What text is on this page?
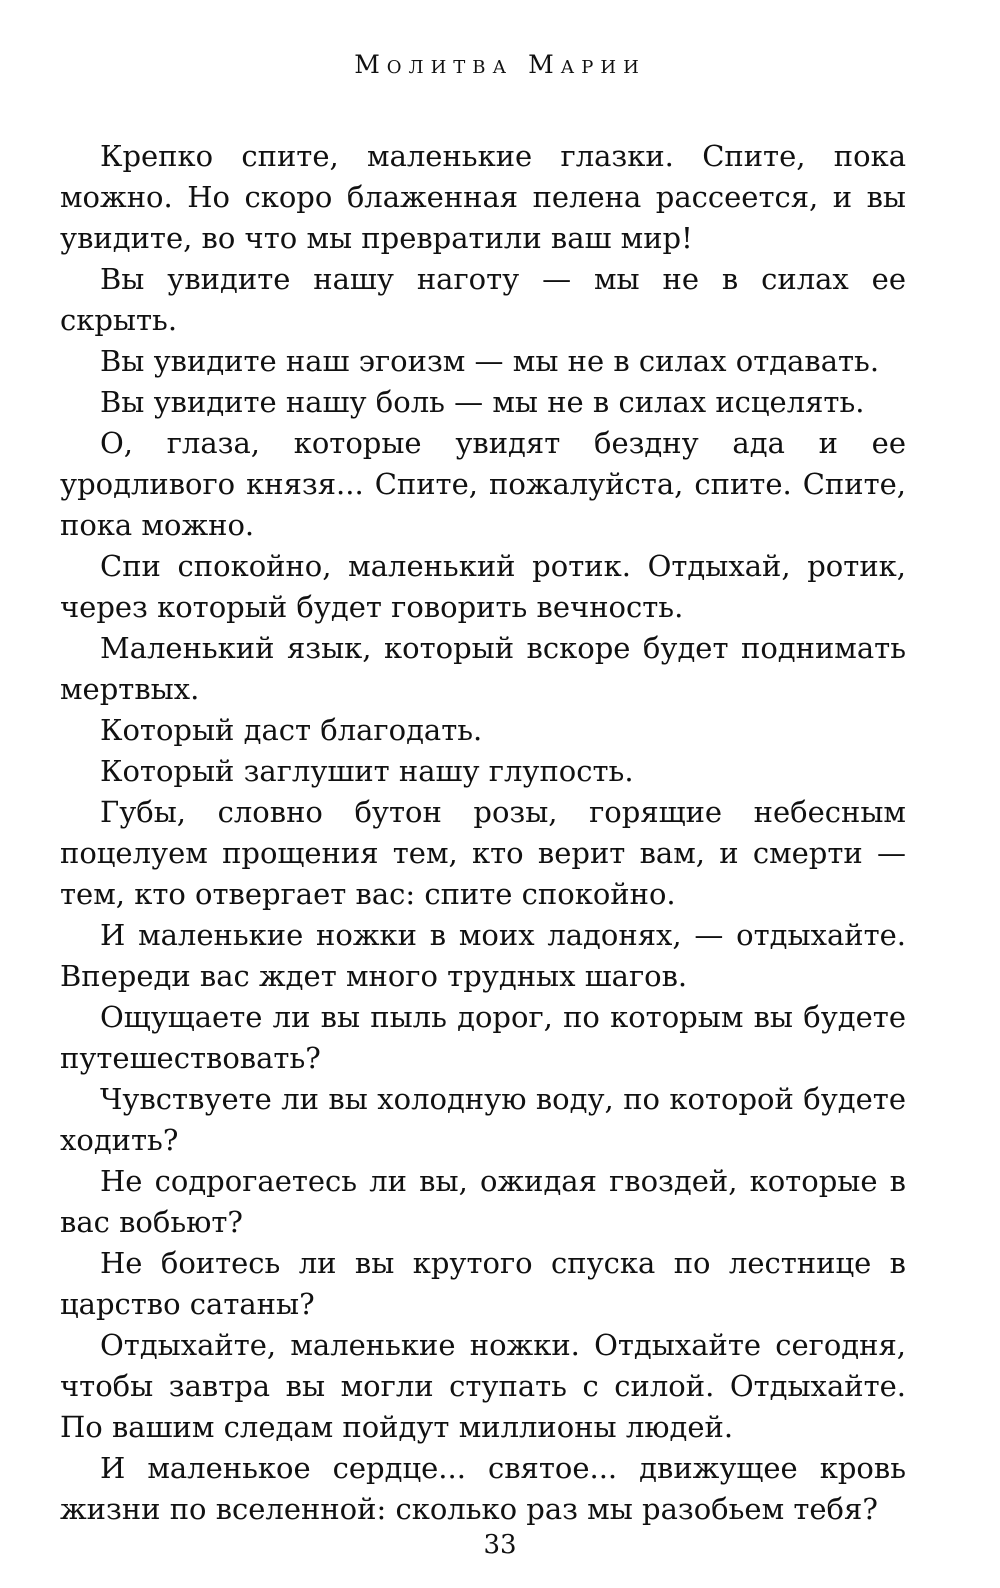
Молитва Марии

Крепко спите, маленькие глазки. Спите, пока можно. Но скоро блаженная пелена рассеется, и вы увидите, во что мы превратили ваш мир!

Вы увидите нашу наготу — мы не в силах ее скрыть.

Вы увидите наш эгоизм — мы не в силах отдавать.

Вы увидите нашу боль — мы не в силах исцелять.

О, глаза, которые увидят бездну ада и ее уродливого князя... Спите, пожалуйста, спите. Спите, пока можно.

Спи спокойно, маленький ротик. Отдыхай, ротик, через который будет говорить вечность.

Маленький язык, который вскоре будет поднимать мертвых.

Который даст благодать.

Который заглушит нашу глупость.

Губы, словно бутон розы, горящие небесным поцелуем прощения тем, кто верит вам, и смерти — тем, кто отвергает вас: спите спокойно.

И маленькие ножки в моих ладонях, — отдыхайте. Впереди вас ждет много трудных шагов.

Ощущаете ли вы пыль дорог, по которым вы будете путешествовать?

Чувствуете ли вы холодную воду, по которой будете ходить?

Не содрогаетесь ли вы, ожидая гвоздей, которые в вас вобьют?

Не боитесь ли вы крутого спуска по лестнице в царство сатаны?

Отдыхайте, маленькие ножки. Отдыхайте сегодня, чтобы завтра вы могли ступать с силой. Отдыхайте. По вашим следам пойдут миллионы людей.

И маленькое сердце... святое... движущее кровь жизни по вселенной: сколько раз мы разобьем тебя?

33
